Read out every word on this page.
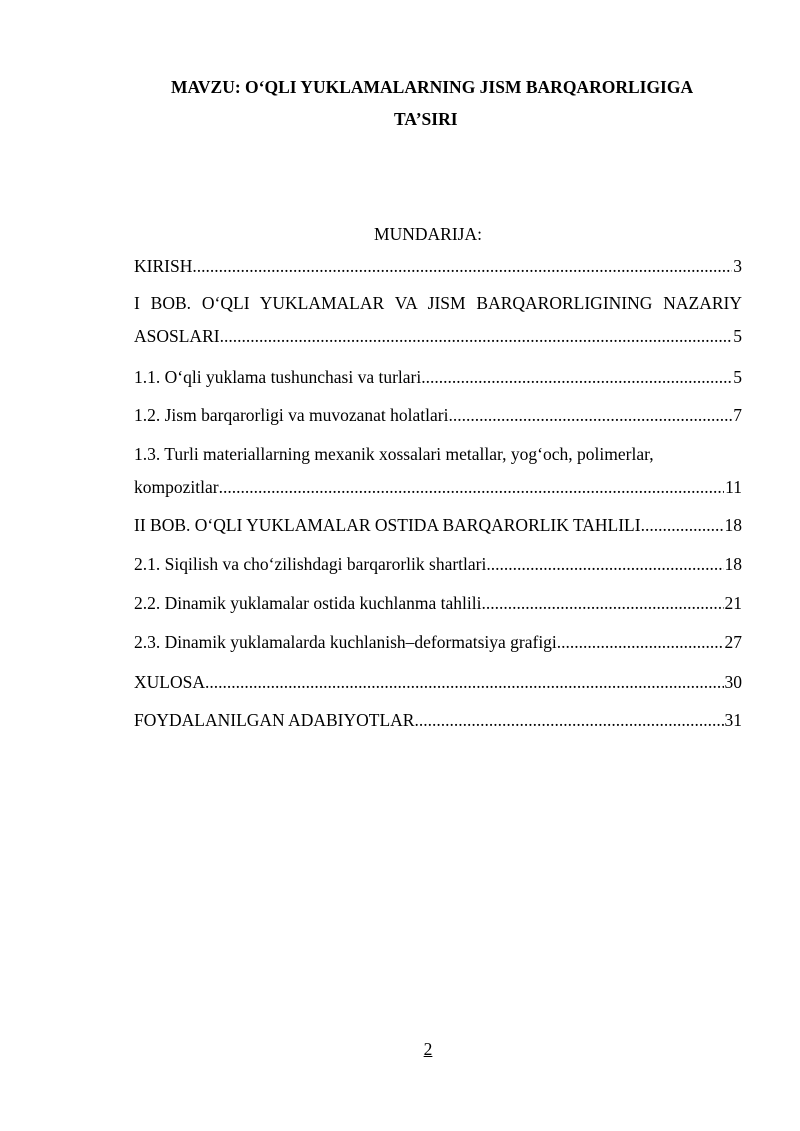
MAVZU: O‘QLI YUKLAMALARNING JISM BARQARORLIGIGA
TA’SIRI
MUNDARIJA:
KIRISH .....	3
I BOB. O‘QLI YUKLAMALAR VA JISM BARQARORLIGINING NAZARIY
ASOSLARI .....	5
1.1. O‘qli yuklama tushunchasi va turlari .....	5
1.2. Jism barqarorligi va muvozanat holatlari .....	7
1.3. Turli materiallarning mexanik xossalari metallar, yog‘och, polimerlar,
kompozitlar .....	11
II BOB. O‘QLI YUKLAMALAR OSTIDA BARQARORLIK TAHLILI .....	18
2.1. Siqilish va cho‘zilishdagi barqarorlik shartlari .....	18
2.2. Dinamik yuklamalar ostida kuchlanma tahlili .....	21
2.3. Dinamik yuklamalarda kuchlanish–deformatsiya grafigi .....	27
XULOSA .....	30
FOYDALANILGAN ADABIYOTLAR .....	31
2
